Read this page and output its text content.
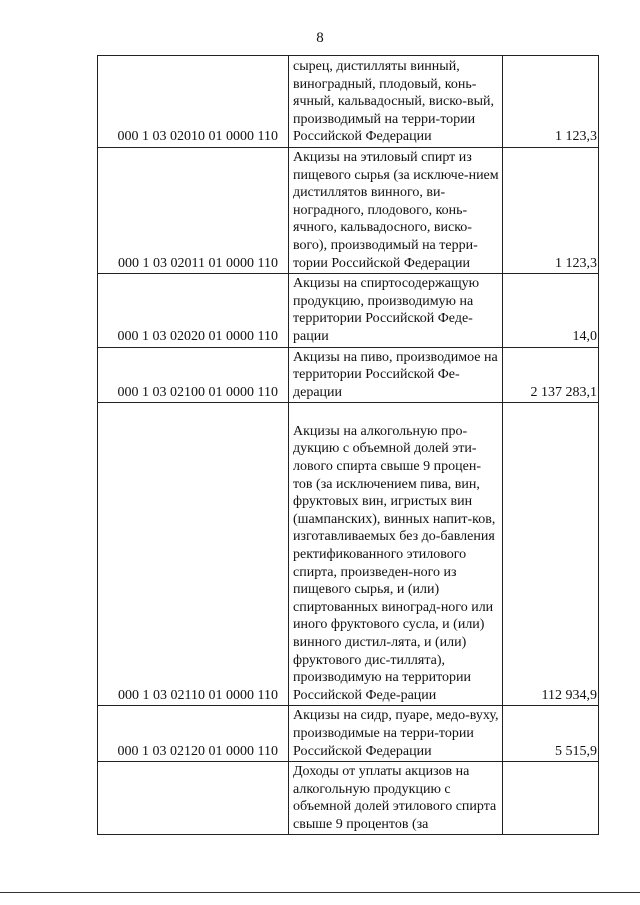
8
000 1 03 02010 01 0000 110	сырец, дистилляты винный, виноградный, плодовый, конь-ячный, кальвадосный, виско-вый, производимый на терри-тории Российской Федерации	1 123,3
000 1 03 02011 01 0000 110	Акцизы на этиловый спирт из пищевого сырья (за исключе-нием дистиллятов винного, ви-ноградного, плодового, конь-ячного, кальвадосного, виско-вого), производимый на терри-тории Российской Федерации	1 123,3
000 1 03 02020 01 0000 110	Акцизы на спиртосодержащую продукцию, производимую на территории Российской Феде-рации	14,0
000 1 03 02100 01 0000 110	Акцизы на пиво, производимое на территории Российской Фе-дерации	2 137 283,1
000 1 03 02110 01 0000 110	Акцизы на алкогольную про-дукцию с объемной долей эти-лового спирта свыше 9 процен-тов (за исключением пива, вин, фруктовых вин, игристых вин (шампанских), винных напит-ков, изготавливаемых без до-бавления ректификованного этилового спирта, произведен-ного из пищевого сырья, и (или) спиртованных виноград-ного или иного фруктового сусла, и (или) винного дистил-лята, и (или) фруктового дис-тиллята), производимую на территории Российской Феде-рации	112 934,9
000 1 03 02120 01 0000 110	Акцизы на сидр, пуаре, медо-вуху, производимые на терри-тории Российской Федерации	5 515,9
	Доходы от уплаты акцизов на алкогольную продукцию с объемной долей этилового спирта свыше 9 процентов (за	
